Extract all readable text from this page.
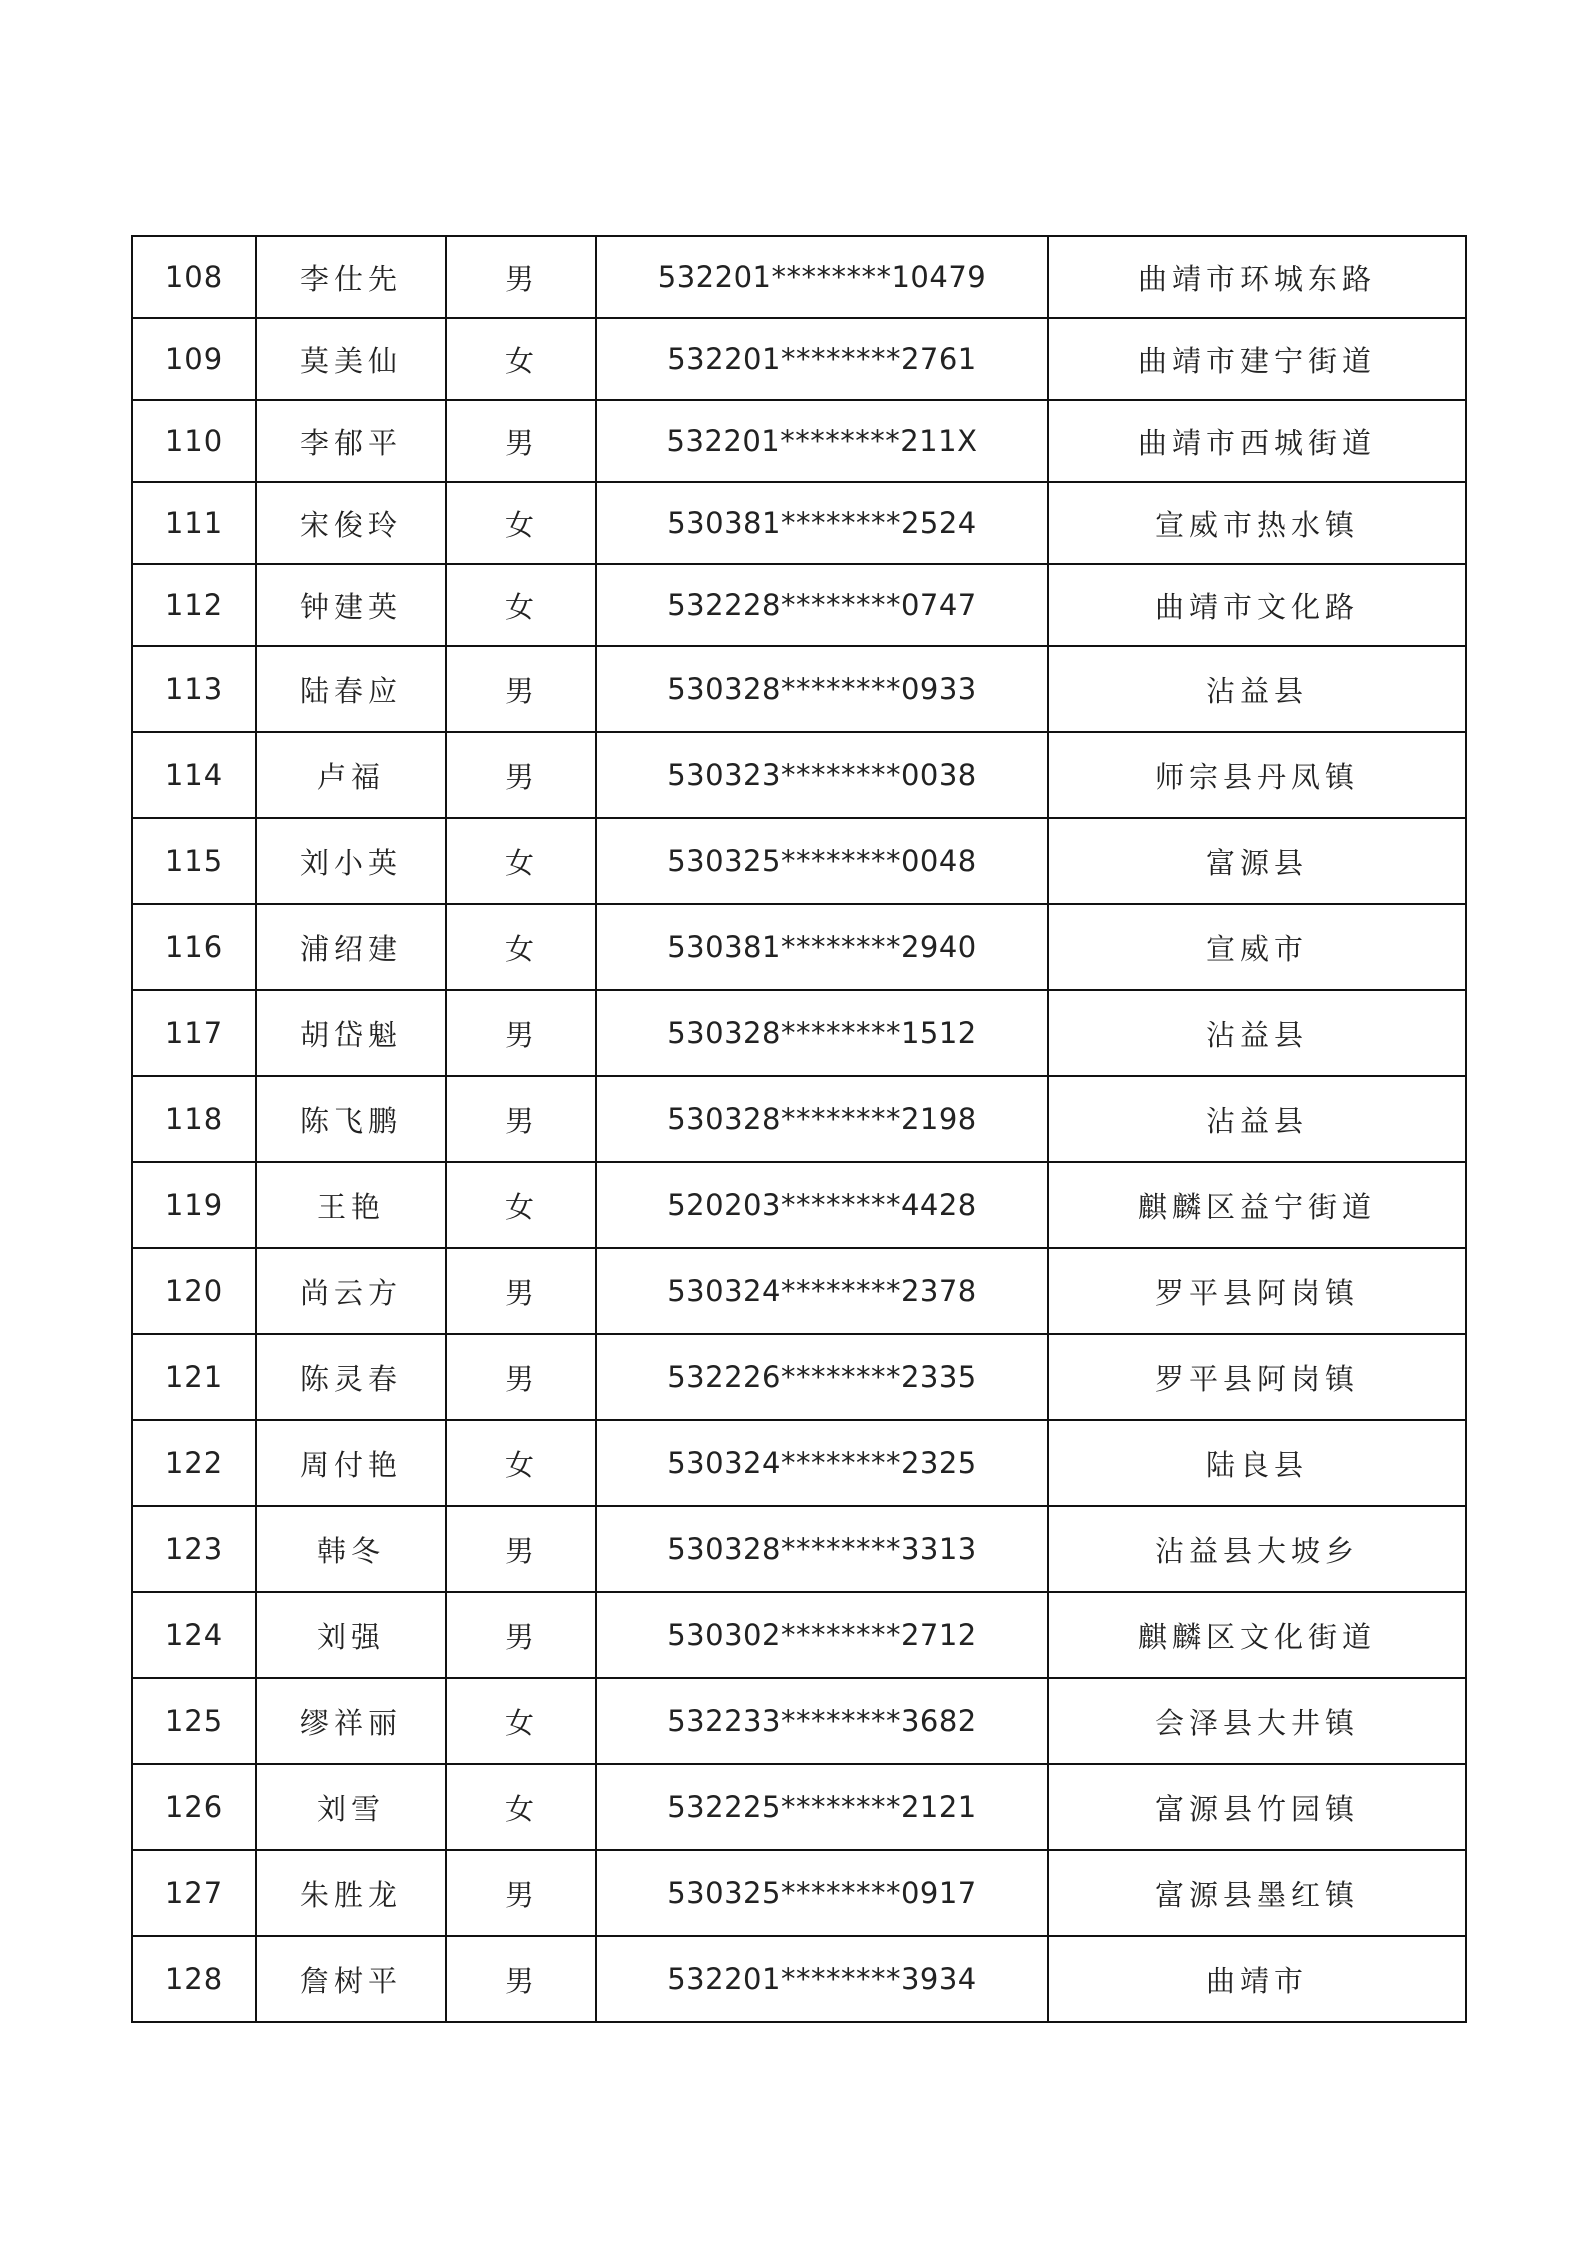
108	李仕先	男	532201********10479	曲靖市环城东路
109	莫美仙	女	532201********2761	曲靖市建宁街道
110	李郁平	男	532201********211X	曲靖市西城街道
111	宋俊玲	女	530381********2524	宣威市热水镇
112	钟建英	女	532228********0747	曲靖市文化路
113	陆春应	男	530328********0933	沾益县
114	卢福	男	530323********0038	师宗县丹凤镇
115	刘小英	女	530325********0048	富源县
116	浦绍建	女	530381********2940	宣威市
117	胡岱魁	男	530328********1512	沾益县
118	陈飞鹏	男	530328********2198	沾益县
119	王艳	女	520203********4428	麒麟区益宁街道
120	尚云方	男	530324********2378	罗平县阿岗镇
121	陈灵春	男	532226********2335	罗平县阿岗镇
122	周付艳	女	530324********2325	陆良县
123	韩冬	男	530328********3313	沾益县大坡乡
124	刘强	男	530302********2712	麒麟区文化街道
125	缪祥丽	女	532233********3682	会泽县大井镇
126	刘雪	女	532225********2121	富源县竹园镇
127	朱胜龙	男	530325********0917	富源县墨红镇
128	詹树平	男	532201********3934	曲靖市
